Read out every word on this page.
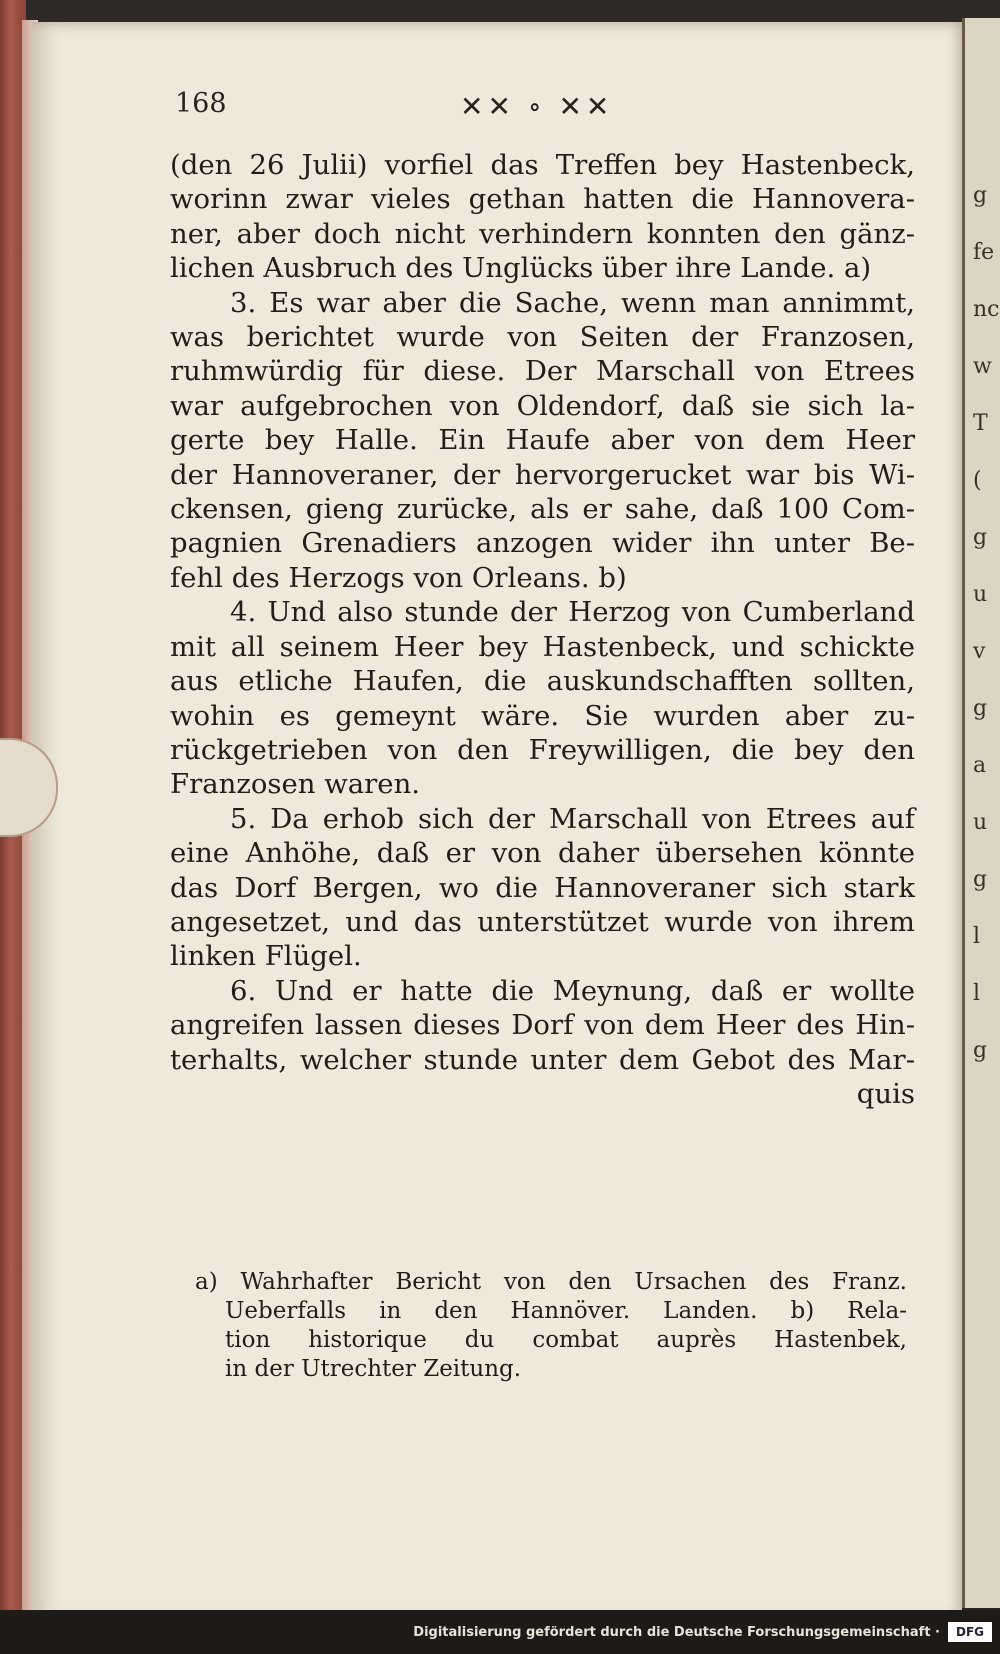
g
fe
nc
w
T
(
g
u
v
g
a
u
g
l
l
g
168	✕✕ ∘ ✕✕
(den 26 Julii) vorfiel das Treffen bey Hastenbeck,
worinn zwar vieles gethan hatten die Hannovera-
ner, aber doch nicht verhindern konnten den gänz-
lichen Ausbruch des Unglücks über ihre Lande. a)
3. Es war aber die Sache, wenn man annimmt,
was berichtet wurde von Seiten der Franzosen,
ruhmwürdig für diese. Der Marschall von Etrees
war aufgebrochen von Oldendorf, daß sie sich la-
gerte bey Halle. Ein Haufe aber von dem Heer
der Hannoveraner, der hervorgerucket war bis Wi-
ckensen, gieng zurücke, als er sahe, daß 100 Com-
pagnien Grenadiers anzogen wider ihn unter Be-
fehl des Herzogs von Orleans. b)
4. Und also stunde der Herzog von Cumberland
mit all seinem Heer bey Hastenbeck, und schickte
aus etliche Haufen, die auskundschafften sollten,
wohin es gemeynt wäre. Sie wurden aber zu-
rückgetrieben von den Freywilligen, die bey den
Franzosen waren.
5. Da erhob sich der Marschall von Etrees auf
eine Anhöhe, daß er von daher übersehen könnte
das Dorf Bergen, wo die Hannoveraner sich stark
angesetzet, und das unterstützet wurde von ihrem
linken Flügel.
6. Und er hatte die Meynung, daß er wollte
angreifen lassen dieses Dorf von dem Heer des Hin-
terhalts, welcher stunde unter dem Gebot des Mar-
quis
a) Wahrhafter Bericht von den Ursachen des Franz.
Ueberfalls in den Hannöver. Landen. b) Rela-
tion historique du combat auprès Hastenbek,
in der Utrechter Zeitung.
Digitalisierung gefördert durch die Deutsche Forschungsgemeinschaft ·	DFG
